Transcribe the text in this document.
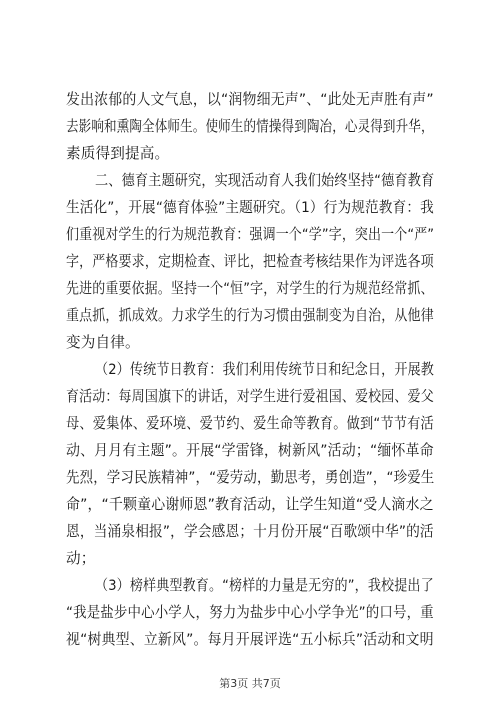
发出浓郁的人文气息，以“润物细无声”、“此处无声胜有声”
去影响和熏陶全体师生。使师生的情操得到陶冶，心灵得到升华，
素质得到提高。
二、德育主题研究，实现活动育人我们始终坚持“德育教育
生活化”，开展“德育体验”主题研究。（1）行为规范教育：我
们重视对学生的行为规范教育：强调一个“学”字，突出一个“严”
字，严格要求，定期检查、评比，把检查考核结果作为评选各项
先进的重要依据。坚持一个“恒”字，对学生的行为规范经常抓、
重点抓，抓成效。力求学生的行为习惯由强制变为自治，从他律
变为自律。
（2）传统节日教育：我们利用传统节日和纪念日，开展教
育活动：每周国旗下的讲话，对学生进行爱祖国、爱校园、爱父
母、爱集体、爱环境、爱节约、爱生命等教育。做到“节节有活
动、月月有主题”。开展“学雷锋，树新风”活动；“缅怀革命
先烈，学习民族精神”，“爱劳动，勤思考，勇创造”，“珍爱生
命”，“千颗童心谢师恩”教育活动，让学生知道“受人滴水之
恩，当涌泉相报”，学会感恩；十月份开展“百歌颂中华”的活
动；
（3）榜样典型教育。“榜样的力量是无穷的”，我校提出了
“我是盐步中心小学人，努力为盐步中心小学争光”的口号，重
视“树典型、立新风”。每月开展评选“五小标兵”活动和文明
第3页 共7页
